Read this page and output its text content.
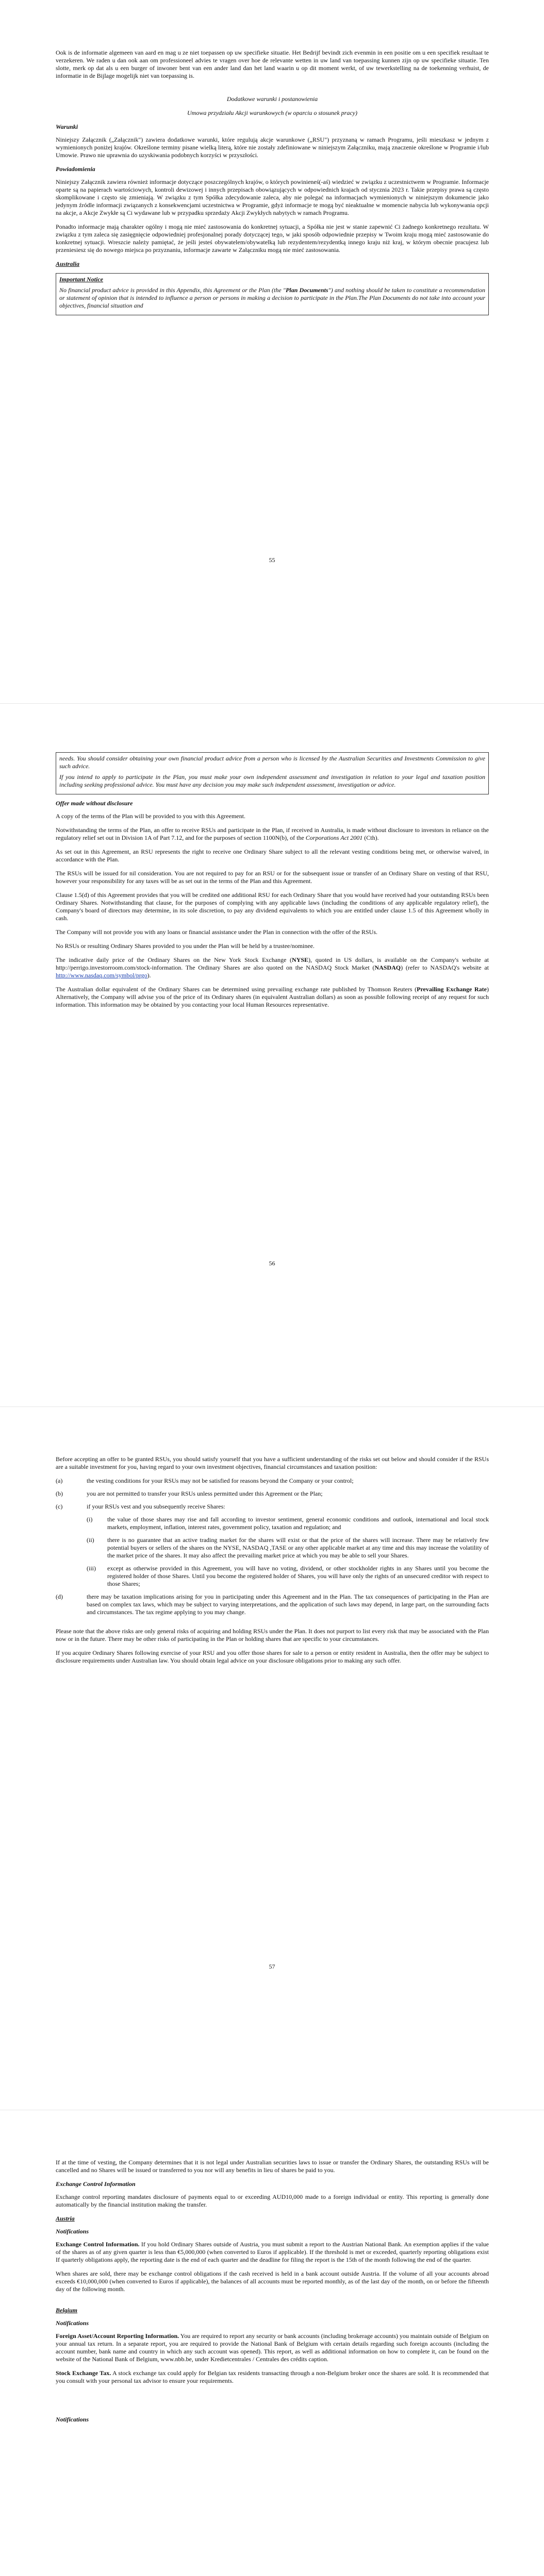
Ook is de informatie algemeen van aard en mag u ze niet toepassen op uw specifieke situatie. Het Bedrijf bevindt zich evenmin in een positie om u een specifiek resultaat te verzekeren. We raden u dan ook aan om professioneel advies te vragen over hoe de relevante wetten in uw land van toepassing kunnen zijn op uw specifieke situatie. Ten slotte, merk op dat als u een burger of inwoner bent van een ander land dan het land waarin u op dit moment werkt, of uw tewerkstelling na de toekenning verhuist, de informatie in de Bijlage mogelijk niet van toepassing is.

Dodatkowe warunki i postanowienia

Umowa przydziału Akcji warunkowych (w oparciu o stosunek pracy)

Warunki

Niniejszy Załącznik („Załącznik") zawiera dodatkowe warunki, które regulują akcje warunkowe („RSU") przyznaną w ramach Programu, jeśli mieszkasz w jednym z wymienionych poniżej krajów. Określone terminy pisane wielką literą, które nie zostały zdefiniowane w niniejszym Załączniku, mają znaczenie określone w Programie i/lub Umowie. Prawo nie uprawnia do uzyskiwania podobnych korzyści w przyszłości.

Powiadomienia

Niniejszy Załącznik zawiera również informacje dotyczące poszczególnych krajów, o których powinieneś(-aś) wiedzieć w związku z uczestnictwem w Programie. Informacje oparte są na papierach wartościowych, kontroli dewizowej i innych przepisach obowiązujących w odpowiednich krajach od stycznia 2023 r. Takie przepisy prawa są często skomplikowane i często się zmieniają. W związku z tym Spółka zdecydowanie zaleca, aby nie polegać na informacjach wymienionych w niniejszym dokumencie jako jedynym źródle informacji związanych z konsekwencjami uczestnictwa w Programie, gdyż informacje te mogą być nieaktualne w momencie nabycia lub wykonywania opcji na akcje, a Akcje Zwykłe są Ci wydawane lub w przypadku sprzedaży Akcji Zwykłych nabytych w ramach Programu.

Ponadto informacje mają charakter ogólny i mogą nie mieć zastosowania do konkretnej sytuacji, a Spółka nie jest w stanie zapewnić Ci żadnego konkretnego rezultatu. W związku z tym zaleca się zasięgnięcie odpowiedniej profesjonalnej porady dotyczącej tego, w jaki sposób odpowiednie przepisy w Twoim kraju mogą mieć zastosowanie do konkretnej sytuacji. Wreszcie należy pamiętać, że jeśli jesteś obywatelem/obywatelką lub rezydentem/rezydentką innego kraju niż kraj, w którym obecnie pracujesz lub przeniesiesz się do nowego miejsca po przyznaniu, informacje zawarte w Załączniku mogą nie mieć zastosowania.

Australia

Important Notice

No financial product advice is provided in this Appendix, this Agreement or the Plan (the "Plan Documents") and nothing should be taken to constitute a recommendation or statement of opinion that is intended to influence a person or persons in making a decision to participate in the Plan.The Plan Documents do not take into account your objectives, financial situation and

55

needs. You should consider obtaining your own financial product advice from a person who is licensed by the Australian Securities and Investments Commission to give such advice.

If you intend to apply to participate in the Plan, you must make your own independent assessment and investigation in relation to your legal and taxation position including seeking professional advice. You must have any decision you may make such independent assessment, investigation or advice.

Offer made without disclosure

A copy of the terms of the Plan will be provided to you with this Agreement.

Notwithstanding the terms of the Plan, an offer to receive RSUs and participate in the Plan, if received in Australia, is made without disclosure to investors in reliance on the regulatory relief set out in Division 1A of Part 7.12, and for the purposes of section 1100N(b), of the Corporations Act 2001 (Cth).

As set out in this Agreement, an RSU represents the right to receive one Ordinary Share subject to all the relevant vesting conditions being met, or otherwise waived, in accordance with the Plan.

The RSUs will be issued for nil consideration. You are not required to pay for an RSU or for the subsequent issue or transfer of an Ordinary Share on vesting of that RSU, however your responsibility for any taxes will be as set out in the terms of the Plan and this Agreement.

Clause 1.5(d) of this Agreement provides that you will be credited one additional RSU for each Ordinary Share that you would have received had your outstanding RSUs been Ordinary Shares. Notwithstanding that clause, for the purposes of complying with any applicable laws (including the conditions of any applicable regulatory relief), the Company's board of directors may determine, in its sole discretion, to pay any dividend equivalents to which you are entitled under clause 1.5 of this Agreement wholly in cash.

The Company will not provide you with any loans or financial assistance under the Plan in connection with the offer of the RSUs.

No RSUs or resulting Ordinary Shares provided to you under the Plan will be held by a trustee/nominee.

The indicative daily price of the Ordinary Shares on the New York Stock Exchange (NYSE), quoted in US dollars, is available on the Company's website at http://perrigo.investorroom.com/stock-information. The Ordinary Shares are also quoted on the NASDAQ Stock Market (NASDAQ) (refer to NASDAQ's website at http://www.nasdaq.com/symbol/prgo).

The Australian dollar equivalent of the Ordinary Shares can be determined using prevailing exchange rate published by Thomson Reuters (Prevailing Exchange Rate) Alternatively, the Company will advise you of the price of its Ordinary shares (in equivalent Australian dollars) as soon as possible following receipt of any request for such information. This information may be obtained by you contacting your local Human Resources representative.

56

Before accepting an offer to be granted RSUs, you should satisfy yourself that you have a sufficient understanding of the risks set out below and should consider if the RSUs are a suitable investment for you, having regard to your own investment objectives, financial circumstances and taxation position:

(a)	the vesting conditions for your RSUs may not be satisfied for reasons beyond the Company or your control;
(b)	you are not permitted to transfer your RSUs unless permitted under this Agreement or the Plan;
(c)	if your RSUs vest and you subsequently receive Shares:
(i)	the value of those shares may rise and fall according to investor sentiment, general economic conditions and outlook, international and local stock markets, employment, inflation, interest rates, government policy, taxation and regulation; and
(ii)	there is no guarantee that an active trading market for the shares will exist or that the price of the shares will increase. There may be relatively few potential buyers or sellers of the shares on the NYSE, NASDAQ ,TASE or any other applicable market at any time and this may increase the volatility of the market price of the shares. It may also affect the prevailing market price at which you may be able to sell your Shares.
(iii)	except as otherwise provided in this Agreement, you will have no voting, dividend, or other stockholder rights in any Shares until you become the registered holder of those Shares. Until you become the registered holder of Shares, you will have only the rights of an unsecured creditor with respect to those Shares;
(d)	there may be taxation implications arising for you in participating under this Agreement and in the Plan. The tax consequences of participating in the Plan are based on complex tax laws, which may be subject to varying interpretations, and the application of such laws may depend, in large part, on the surrounding facts and circumstances. The tax regime applying to you may change.

Please note that the above risks are only general risks of acquiring and holding RSUs under the Plan. It does not purport to list every risk that may be associated with the Plan now or in the future. There may be other risks of participating in the Plan or holding shares that are specific to your circumstances.

If you acquire Ordinary Shares following exercise of your RSU and you offer those shares for sale to a person or entity resident in Australia, then the offer may be subject to disclosure requirements under Australian law. You should obtain legal advice on your disclosure obligations prior to making any such offer.

57

If at the time of vesting, the Company determines that it is not legal under Australian securities laws to issue or transfer the Ordinary Shares, the outstanding RSUs will be cancelled and no Shares will be issued or transferred to you nor will any benefits in lieu of shares be paid to you.

Exchange Control Information

Exchange control reporting mandates disclosure of payments equal to or exceeding AUD10,000 made to a foreign individual or entity. This reporting is generally done automatically by the financial institution making the transfer.

Austria

Notifications

Exchange Control Information. If you hold Ordinary Shares outside of Austria, you must submit a report to the Austrian National Bank. An exemption applies if the value of the shares as of any given quarter is less than €5,000,000 (when converted to Euros if applicable). If the threshold is met or exceeded, quarterly reporting obligations exist If quarterly obligations apply, the reporting date is the end of each quarter and the deadline for filing the report is the 15th of the month following the end of the quarter.

When shares are sold, there may be exchange control obligations if the cash received is held in a bank account outside Austria. If the volume of all your accounts abroad exceeds €10,000,000 (when converted to Euros if applicable), the balances of all accounts must be reported monthly, as of the last day of the month, on or before the fifteenth day of the following month.

Belgium

Notifications

Foreign Asset/Account Reporting Information. You are required to report any security or bank accounts (including brokerage accounts) you maintain outside of Belgium on your annual tax return. In a separate report, you are required to provide the National Bank of Belgium with certain details regarding such foreign accounts (including the account number, bank name and country in which any such account was opened). This report, as well as additional information on how to complete it, can be found on the website of the National Bank of Belgium, www.nbb.be, under Kredietcentrales / Centrales des crédits caption.

Stock Exchange Tax. A stock exchange tax could apply for Belgian tax residents transacting through a non-Belgium broker once the shares are sold. It is recommended that you consult with your personal tax advisor to ensure your requirements.

Notifications
